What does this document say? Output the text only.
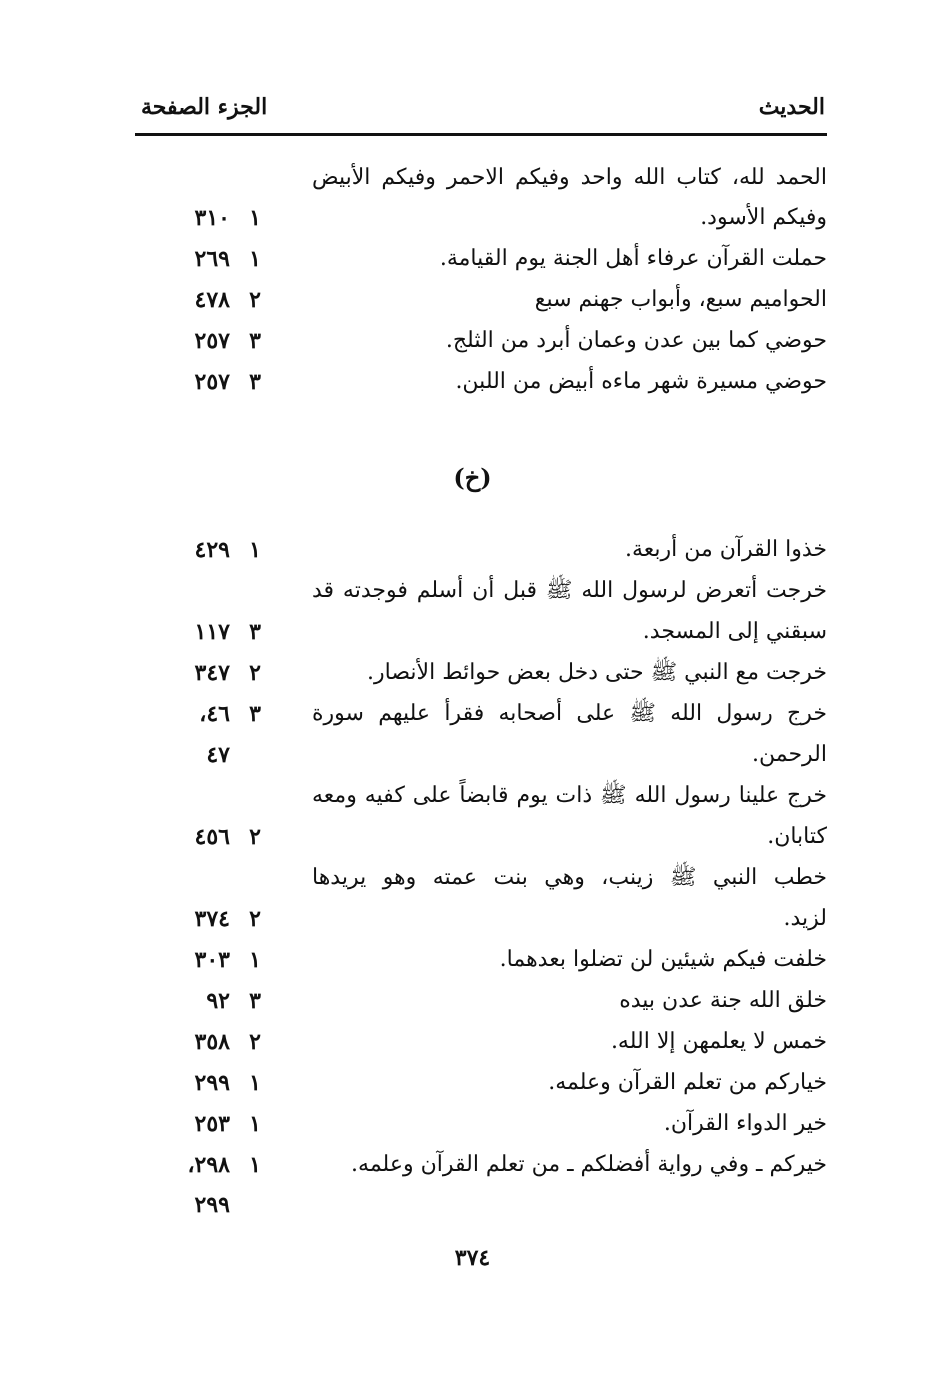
الحديث
الجزء الصفحة
الحمد لله، كتاب الله واحد وفيكم الاحمر وفيكم الأبيض
وفيكم الأسود.
١
٣١٠
حملت القرآن عرفاء أهل الجنة يوم القيامة.
١
٢٦٩
الحواميم سبع، وأبواب جهنم سبع
٢
٤٧٨
حوضي كما بين عدن وعمان أبرد من الثلج.
٣
٢٥٧
حوضي مسيرة شهر ماءه أبيض من اللبن.
٣
٢٥٧
(خ)
خذوا القرآن من أربعة.
١
٤٢٩
خرجت أتعرض لرسول الله ﷺ قبل أن أسلم فوجدته قد
سبقني إلى المسجد.
٣
١١٧
خرجت مع النبي ﷺ حتى دخل بعض حوائط الأنصار.
٢
٣٤٧
خرج رسول الله ﷺ على أصحابه فقرأ عليهم سورة
٣
٤٦،
الرحمن.
٤٧
خرج علينا رسول الله ﷺ ذات يوم قابضاً على كفيه ومعه
كتابان.
٢
٤٥٦
خطب النبي ﷺ زينب، وهي بنت عمته وهو يريدها
لزيد.
٢
٣٧٤
خلفت فيكم شيئين لن تضلوا بعدهما.
١
٣٠٣
خلق الله جنة عدن بيده
٣
٩٢
خمس لا يعلمهن إلا الله.
٢
٣٥٨
خياركم من تعلم القرآن وعلمه.
١
٢٩٩
خير الدواء القرآن.
١
٢٥٣
خيركم ـ وفي رواية أفضلكم ـ من تعلم القرآن وعلمه.
١
٢٩٨،
٢٩٩
٣٧٤
